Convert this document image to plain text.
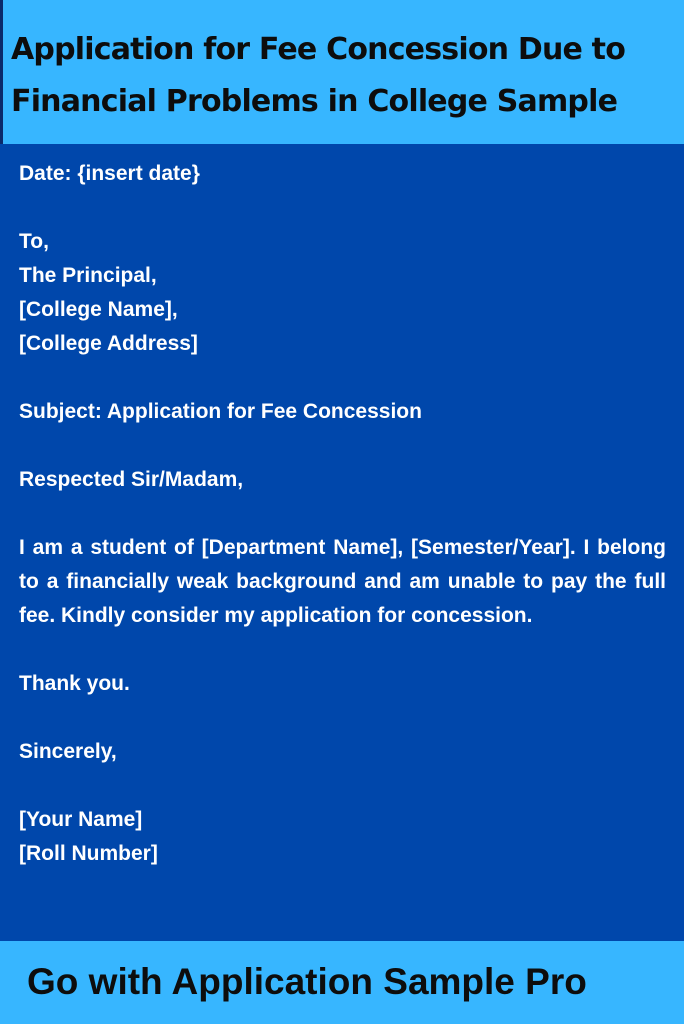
Application for Fee Concession Due to
Financial Problems in College Sample

Date: {insert date}

To,

The Principal,

[College Name],

[College Address]

Subject: Application for Fee Concession

Respected Sir/Madam,

I am a student of [Department Name], [Semester/Year]. I belong to a financially weak background and am unable to pay the full fee. Kindly consider my application for concession.

Thank you.

Sincerely,

[Your Name]

[Roll Number]

Go with Application Sample Pro
